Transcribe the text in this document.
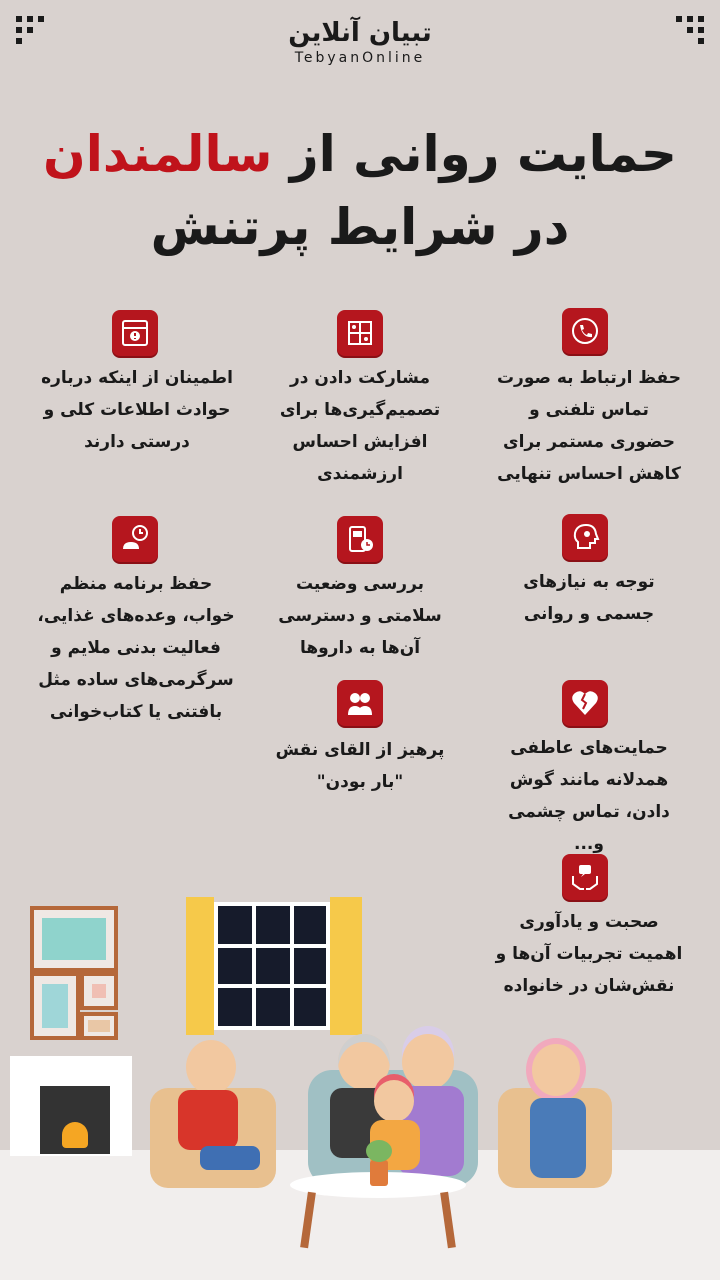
تبیان آنلاین
TebyanOnline
حمایت روانی از سالمندان
در شرایط پرتنش
حفظ ارتباط به صورت تماس تلفنی و حضوری مستمر برای کاهش احساس تنهایی
توجه به نیازهای جسمی و روانی
حمایت‌های عاطفی همدلانه مانند گوش دادن، تماس چشمی و...
صحبت و یادآوری اهمیت تجربیات آن‌ها و نقش‌شان در خانواده
مشارکت دادن در تصمیم‌گیری‌ها برای افزایش احساس ارزشمندی
بررسی وضعیت سلامتی و دسترسی آن‌ها به داروها
پرهیز از القای نقش "بار بودن"
اطمینان از اینکه درباره حوادث اطلاعات کلی و درستی دارند
حفظ برنامه منظم خواب، وعده‌های غذایی، فعالیت بدنی ملایم و سرگرمی‌های ساده مثل بافتنی یا کتاب‌خوانی
